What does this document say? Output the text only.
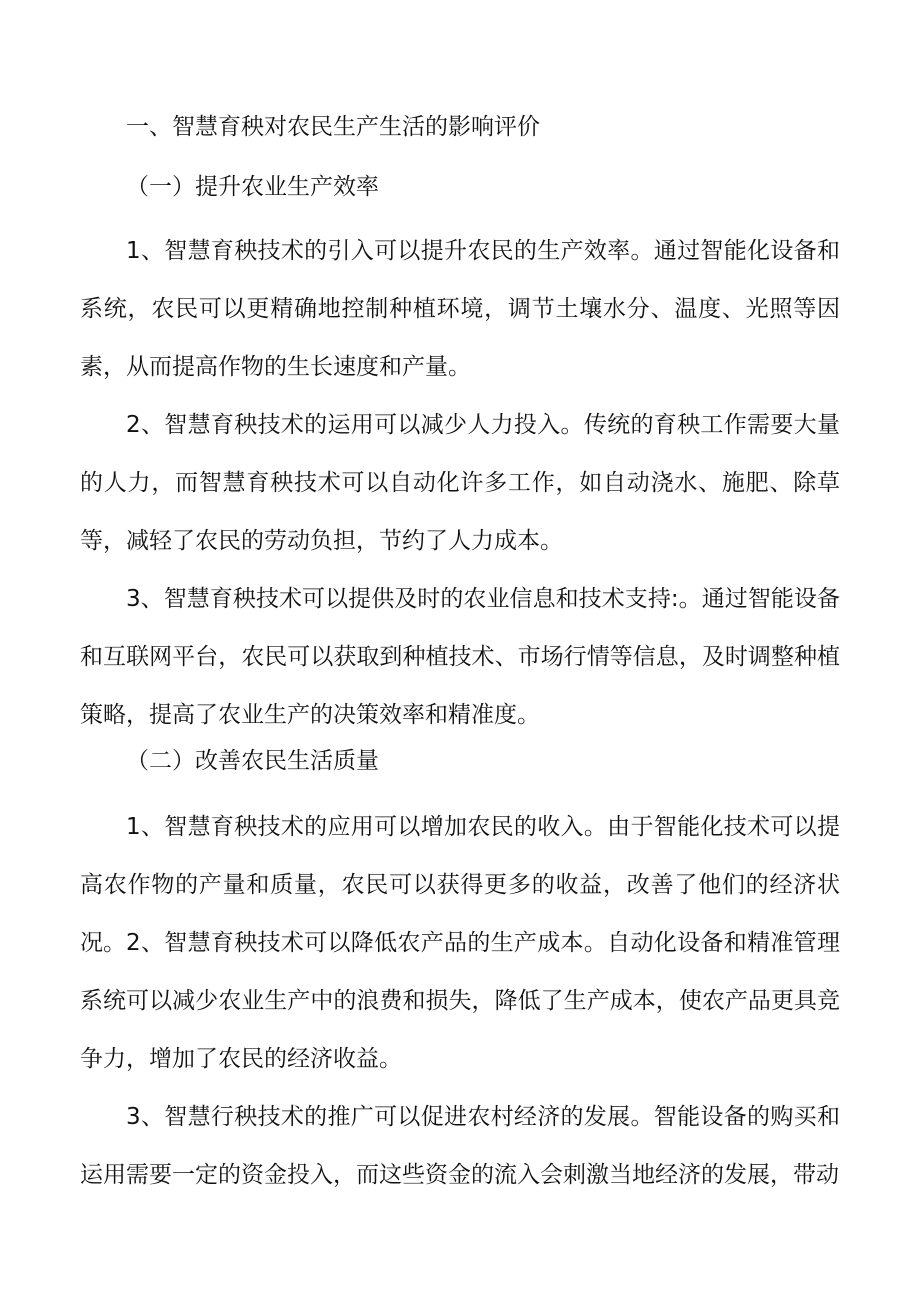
一、智慧育秧对农民生产生活的影响评价
（一）提升农业生产效率

1、智慧育秧技术的引入可以提升农民的生产效率。通过智能化设备和系统，农民可以更精确地控制种植环境，调节土壤水分、温度、光照等因素，从而提高作物的生长速度和产量。

2、智慧育秧技术的运用可以减少人力投入。传统的育秧工作需要大量的人力，而智慧育秧技术可以自动化许多工作，如自动浇水、施肥、除草等，减轻了农民的劳动负担，节约了人力成本。

3、智慧育秧技术可以提供及时的农业信息和技术支持:。通过智能设备和互联网平台，农民可以获取到种植技术、市场行情等信息，及时调整种植策略，提高了农业生产的决策效率和精准度。

（二）改善农民生活质量

1、智慧育秧技术的应用可以增加农民的收入。由于智能化技术可以提高农作物的产量和质量，农民可以获得更多的收益，改善了他们的经济状况。 2、智慧育秧技术可以降低农产品的生产成本。自动化设备和精准管理系统可以减少农业生产中的浪费和损失，降低了生产成本，使农产品更具竞争力，增加了农民的经济收益。

3、智慧行秧技术的推广可以促进农村经济的发展。智能设备的购买和运用需要一定的资金投入，而这些资金的流入会刺激当地经济的发展，带动
